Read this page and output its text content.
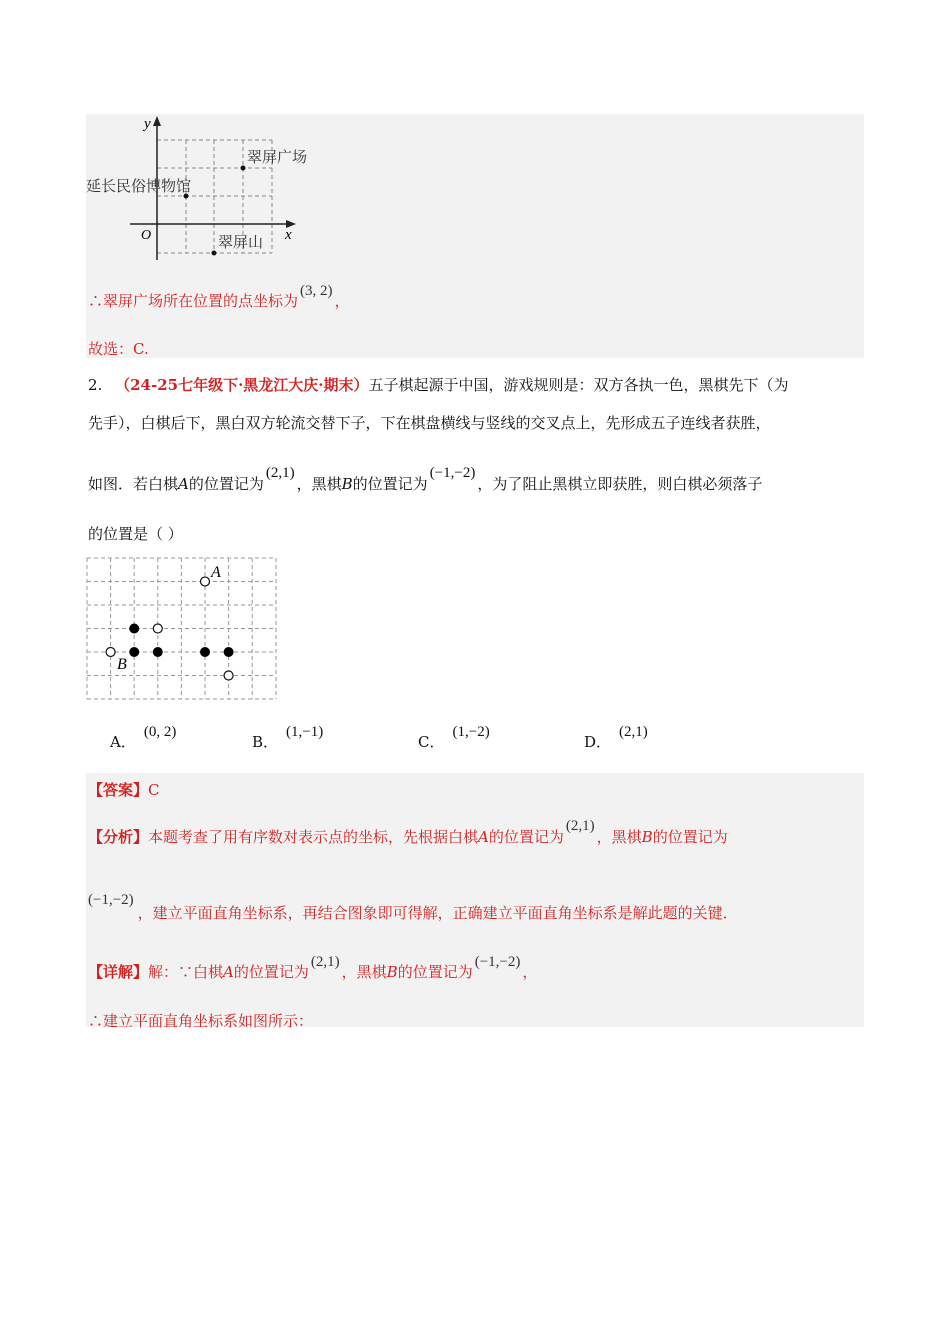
y
x
O
翠屏广场
延长民俗博物馆
翠屏山
∴翠屏广场所在位置的点坐标为(3, 2)，
故选：C.
2. （24-25七年级下·黑龙江大庆·期末）五子棋起源于中国，游戏规则是：双方各执一色，黑棋先下（为
先手），白棋后下，黑白双方轮流交替下子，下在棋盘横线与竖线的交叉点上，先形成五子连线者获胜，
如图．若白棋A的位置记为(2,1)，黑棋B的位置记为(−1,−2)，为了阻止黑棋立即获胜，则白棋必须落子
的位置是（ ）
A
B
A．(0, 2)
B．(1,−1)
C．(1,−2)
D．(2,1)
【答案】C
【分析】本题考查了用有序数对表示点的坐标，先根据白棋A的位置记为(2,1)，黑棋B的位置记为
(−1,−2)，建立平面直角坐标系，再结合图象即可得解，正确建立平面直角坐标系是解此题的关键．
【详解】解：∵白棋A的位置记为(2,1)，黑棋B的位置记为(−1,−2)，
∴建立平面直角坐标系如图所示：
